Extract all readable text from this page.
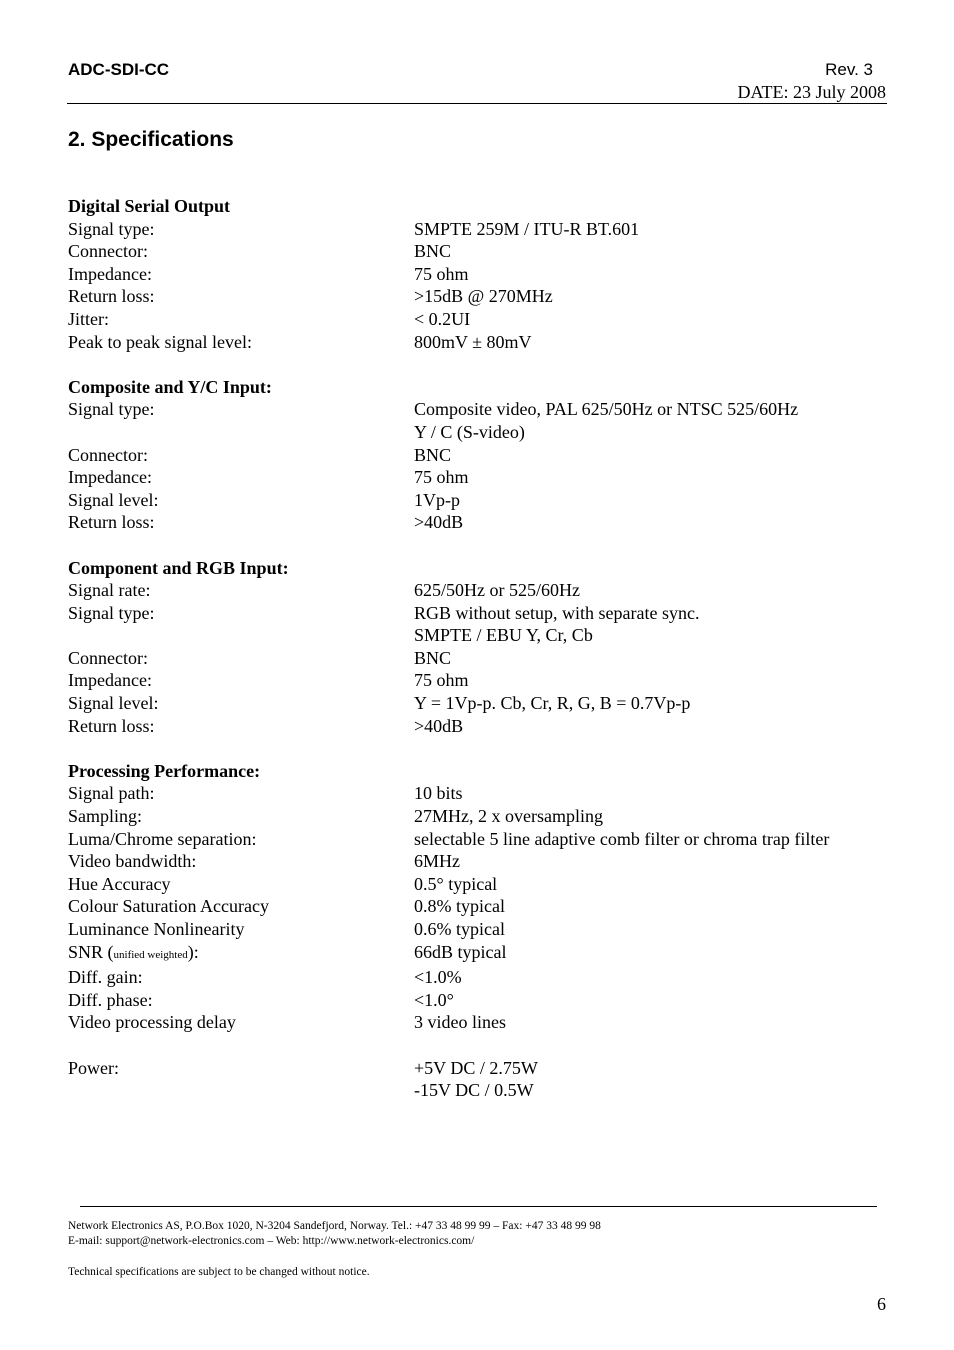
ADC-SDI-CC	Rev. 3
DATE: 23 July 2008
2. Specifications
Digital Serial Output
Signal type:	SMPTE 259M / ITU-R BT.601
Connector:	BNC
Impedance:	75 ohm
Return loss:	>15dB @ 270MHz
Jitter:	< 0.2UI
Peak to peak signal level:	800mV ± 80mV
Composite and Y/C Input:
Signal type:	Composite video, PAL 625/50Hz or NTSC 525/60Hz
Y / C (S-video)
Connector:	BNC
Impedance:	75 ohm
Signal level:	1Vp-p
Return loss:	>40dB
Component and RGB Input:
Signal rate:	625/50Hz or 525/60Hz
Signal type:	RGB without setup, with separate sync.
SMPTE / EBU Y, Cr, Cb
Connector:	BNC
Impedance:	75 ohm
Signal level:	Y = 1Vp-p. Cb, Cr, R, G, B = 0.7Vp-p
Return loss:	>40dB
Processing Performance:
Signal path:	10 bits
Sampling:	27MHz, 2 x oversampling
Luma/Chrome separation:	selectable 5 line adaptive comb filter or chroma trap filter
Video bandwidth:	6MHz
Hue Accuracy	0.5° typical
Colour Saturation Accuracy	0.8% typical
Luminance Nonlinearity	0.6% typical
SNR (unified weighted):	66dB typical
Diff. gain:	<1.0%
Diff. phase:	<1.0°
Video processing delay	3 video lines
Power:	+5V DC / 2.75W
-15V DC / 0.5W
Network Electronics AS, P.O.Box 1020, N-3204 Sandefjord, Norway. Tel.: +47 33 48 99 99 – Fax: +47 33 48 99 98
E-mail: support@network-electronics.com – Web: http://www.network-electronics.com/
Technical specifications are subject to be changed without notice.
6
